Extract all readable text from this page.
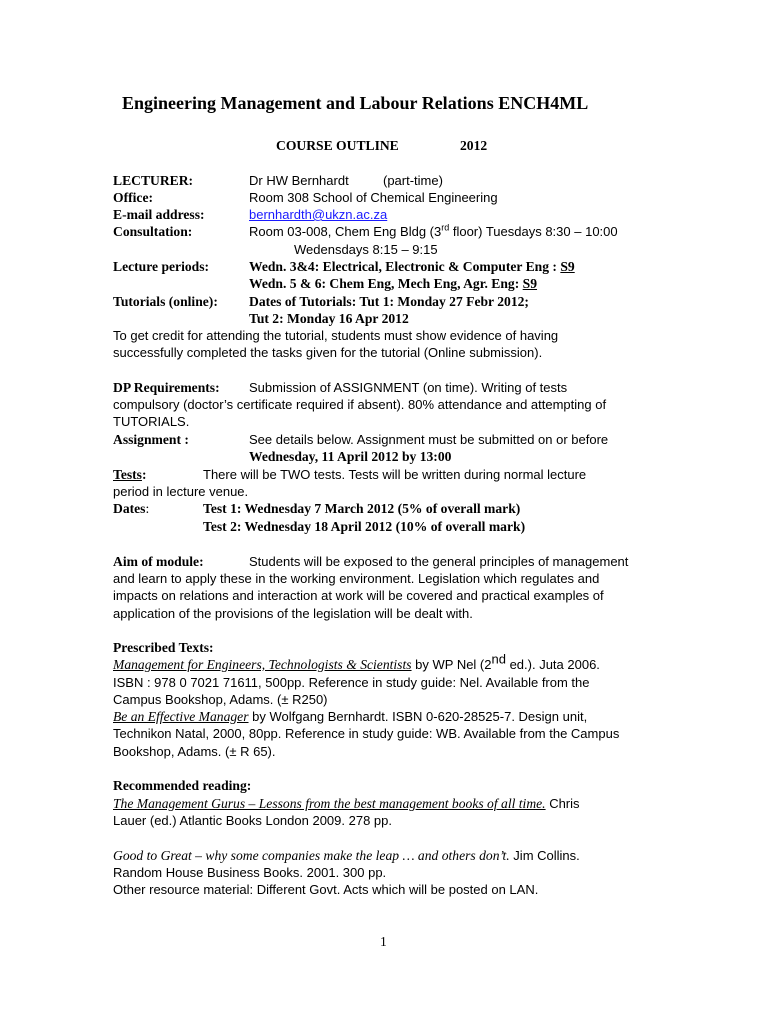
Engineering Management and Labour Relations ENCH4ML
COURSE OUTLINE	2012
LECTURER:	Dr HW Bernhardt	(part-time)
Office:	Room 308 School of Chemical Engineering
E-mail address:	bernhardth@ukzn.ac.za
Consultation:	Room 03-008, Chem Eng Bldg (3rd floor) Tuesdays 8:30 – 10:00
Wedensdays 8:15 – 9:15
Lecture periods:	Wedn. 3&4: Electrical, Electronic & Computer Eng : S9
Wedn. 5 & 6: Chem Eng, Mech Eng, Agr. Eng: S9
Tutorials (online): Dates of Tutorials: Tut 1: Monday 27 Febr 2012;
Tut 2: Monday 16 Apr 2012
To get credit for attending the tutorial, students must show evidence of having
successfully completed the tasks given for the tutorial (Online submission).
DP Requirements: Submission of ASSIGNMENT (on time). Writing of tests
compulsory (doctor’s certificate required if absent). 80% attendance and attempting of
TUTORIALS.
Assignment :	See details below. Assignment must be submitted on or before
Wednesday, 11 April 2012 by 13:00
Tests:	There will be TWO tests. Tests will be written during normal lecture
period in lecture venue.
Dates:	Test 1: Wednesday 7 March 2012 (5% of overall mark)
Test 2: Wednesday 18 April 2012 (10% of overall mark)
Aim of module:	Students will be exposed to the general principles of management
and learn to apply these in the working environment. Legislation which regulates and
impacts on relations and interaction at work will be covered and practical examples of
application of the provisions of the legislation will be dealt with.
Prescribed Texts:
Management for Engineers, Technologists & Scientists by WP Nel (2nd ed.). Juta 2006.
ISBN : 978 0 7021 71611, 500pp. Reference in study guide: Nel. Available from the
Campus Bookshop, Adams. (± R250)
Be an Effective Manager by Wolfgang Bernhardt. ISBN 0-620-28525-7. Design unit,
Technikon Natal, 2000, 80pp. Reference in study guide: WB. Available from the Campus
Bookshop, Adams. (± R 65).
Recommended reading:
The Management Gurus – Lessons from the best management books of all time. Chris
Lauer (ed.) Atlantic Books London 2009. 278 pp.
Good to Great – why some companies make the leap … and others don’t. Jim Collins.
Random House Business Books. 2001. 300 pp.
Other resource material: Different Govt. Acts which will be posted on LAN.
1
